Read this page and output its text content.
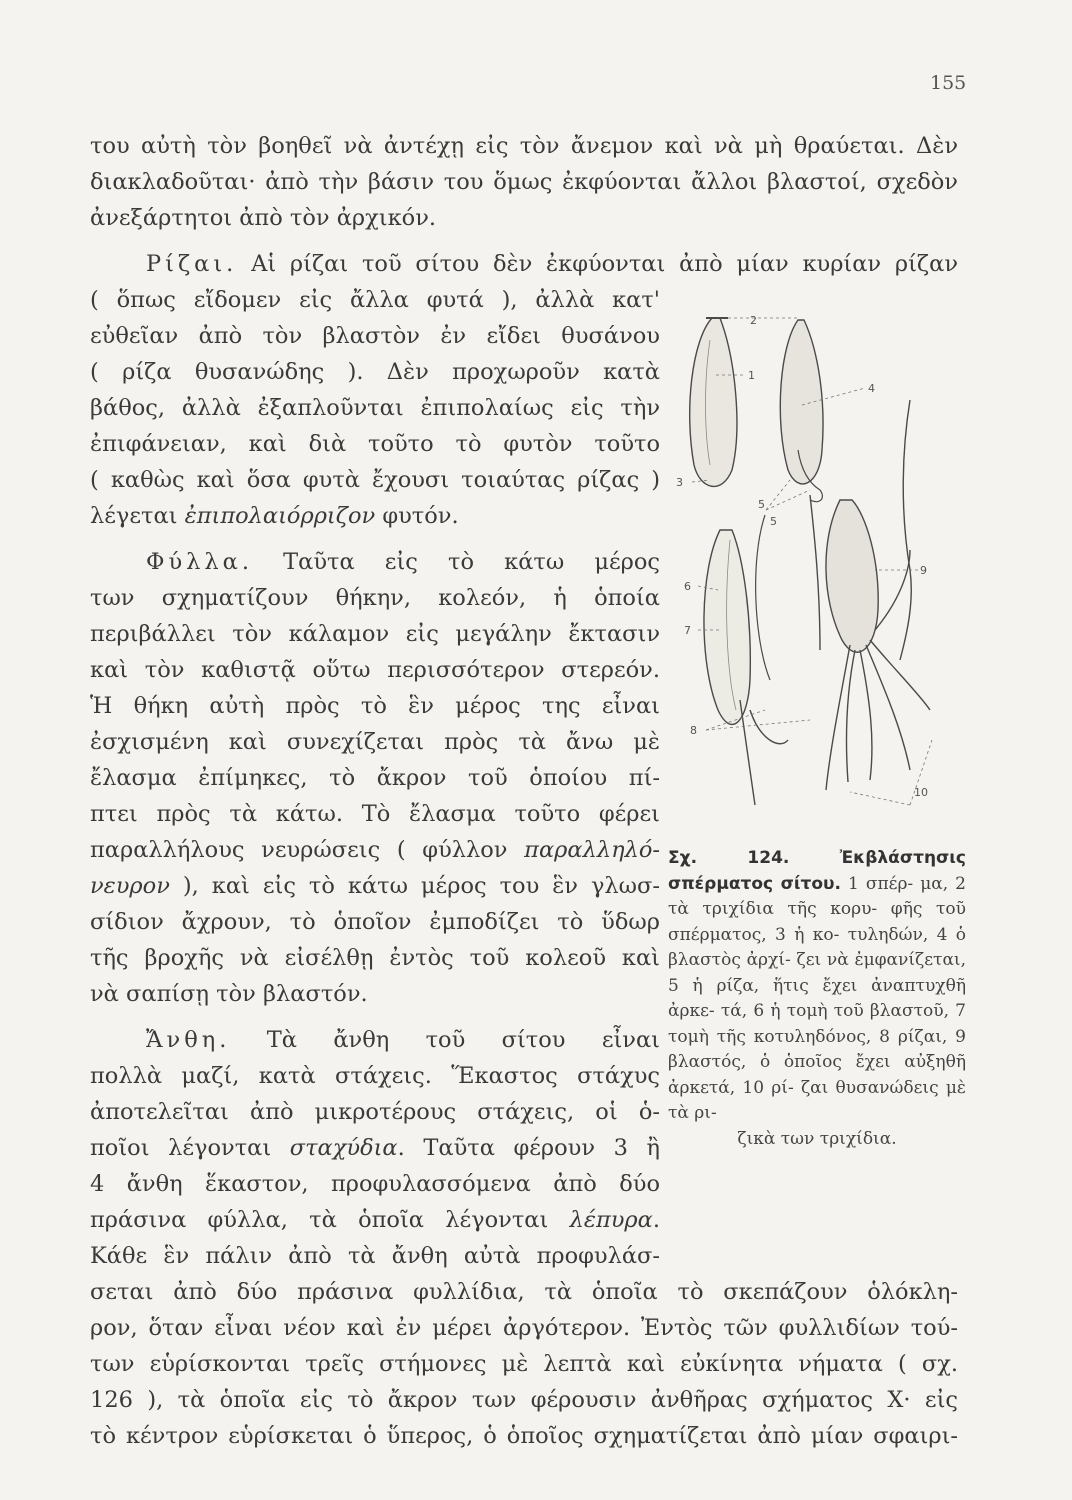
155
του αὐτὴ τὸν βοηθεῖ νὰ ἀντέχῃ εἰς τὸν ἄνεμον καὶ νὰ μὴ θραύεται. Δὲν
διακλαδοῦται· ἀπὸ τὴν βάσιν του ὅμως ἐκφύονται ἄλλοι βλαστοί, σχεδὸν
ἀνεξάρτητοι ἀπὸ τὸν ἀρχικόν.
Ρίζαι. Αἱ ρίζαι τοῦ σίτου δὲν ἐκφύονται ἀπὸ μίαν κυρίαν ρίζαν
( ὅπως εἴδομεν εἰς ἄλλα φυτά ), ἀλλὰ κατ'
εὐθεῖαν ἀπὸ τὸν βλαστὸν ἐν εἴδει θυσάνου
( ρίζα θυσανώδης ). Δὲν προχωροῦν κατὰ
βάθος, ἀλλὰ ἐξαπλοῦνται ἐπιπολαίως εἰς τὴν
ἐπιφάνειαν, καὶ διὰ τοῦτο τὸ φυτὸν τοῦτο
( καθὼς καὶ ὅσα φυτὰ ἔχουσι τοιαύτας ρίζας )
λέγεται ἐπιπολαιόρριζον φυτόν.
Φύλλα. Ταῦτα εἰς τὸ κάτω μέρος
των σχηματίζουν θήκην, κολεόν, ἡ ὁποία
περιβάλλει τὸν κάλαμον εἰς μεγάλην ἔκτασιν
καὶ τὸν καθιστᾷ οὕτω περισσότερον στερεόν.
Ἡ θήκη αὐτὴ πρὸς τὸ ἓν μέρος της εἶναι
ἐσχισμένη καὶ συνεχίζεται πρὸς τὰ ἄνω μὲ
ἔλασμα ἐπίμηκες, τὸ ἄκρον τοῦ ὁποίου πί-
πτει πρὸς τὰ κάτω. Τὸ ἔλασμα τοῦτο φέρει
παραλλήλους νευρώσεις ( φύλλον παραλληλό-
νευρον ), καὶ εἰς τὸ κάτω μέρος του ἓν γλωσ-
σίδιον ἄχρουν, τὸ ὁποῖον ἐμποδίζει τὸ ὕδωρ
τῆς βροχῆς νὰ εἰσέλθῃ ἐντὸς τοῦ κολεοῦ καὶ
νὰ σαπίσῃ τὸν βλαστόν.
Ἄνθη. Τὰ ἄνθη τοῦ σίτου εἶναι
πολλὰ μαζί, κατὰ στάχεις. Ἕκαστος στάχυς
ἀποτελεῖται ἀπὸ μικροτέρους στάχεις, οἱ ὁ-
ποῖοι λέγονται σταχύδια. Ταῦτα φέρουν 3 ἢ
4 ἄνθη ἕκαστον, προφυλασσόμενα ἀπὸ δύο
πράσινα φύλλα, τὰ ὁποῖα λέγονται λέπυρα.
Κάθε ἓν πάλιν ἀπὸ τὰ ἄνθη αὐτὰ προφυλάσ-
σεται ἀπὸ δύο πράσινα φυλλίδια, τὰ ὁποῖα τὸ σκεπάζουν ὁλόκλη-
ρον, ὅταν εἶναι νέον καὶ ἐν μέρει ἀργότερον. Ἐντὸς τῶν φυλλιδίων τού-
των εὑρίσκονται τρεῖς στήμονες μὲ λεπτὰ καὶ εὐκίνητα νήματα ( σχ.
126 ), τὰ ὁποῖα εἰς τὸ ἄκρον των φέρουσιν ἀνθῆρας σχήματος X· εἰς
τὸ κέντρον εὑρίσκεται ὁ ὕπερος, ὁ ὁποῖος σχηματίζεται ἀπὸ μίαν σφαιρι-
2
1
3
4
5
5
6
7
8
9
10

Σχ. 124. Ἐκβλάστησις σπέρματος σίτου. 1 σπέρ- μα, 2 τὰ τριχίδια τῆς κορυ- φῆς τοῦ σπέρματος, 3 ἡ κο- τυληδών, 4 ὁ βλαστὸς ἀρχί- ζει νὰ ἐμφανίζεται, 5 ἡ ρίζα, ἥτις ἔχει ἀναπτυχθῆ ἀρκε- τά, 6 ἡ τομὴ τοῦ βλαστοῦ, 7 τομὴ τῆς κοτυληδόνος, 8 ρίζαι, 9 βλαστός, ὁ ὁποῖος ἔχει αὐξηθῆ ἀρκετά, 10 ρί- ζαι θυσανώδεις μὲ τὰ ρι-

ζικὰ των τριχίδια.
